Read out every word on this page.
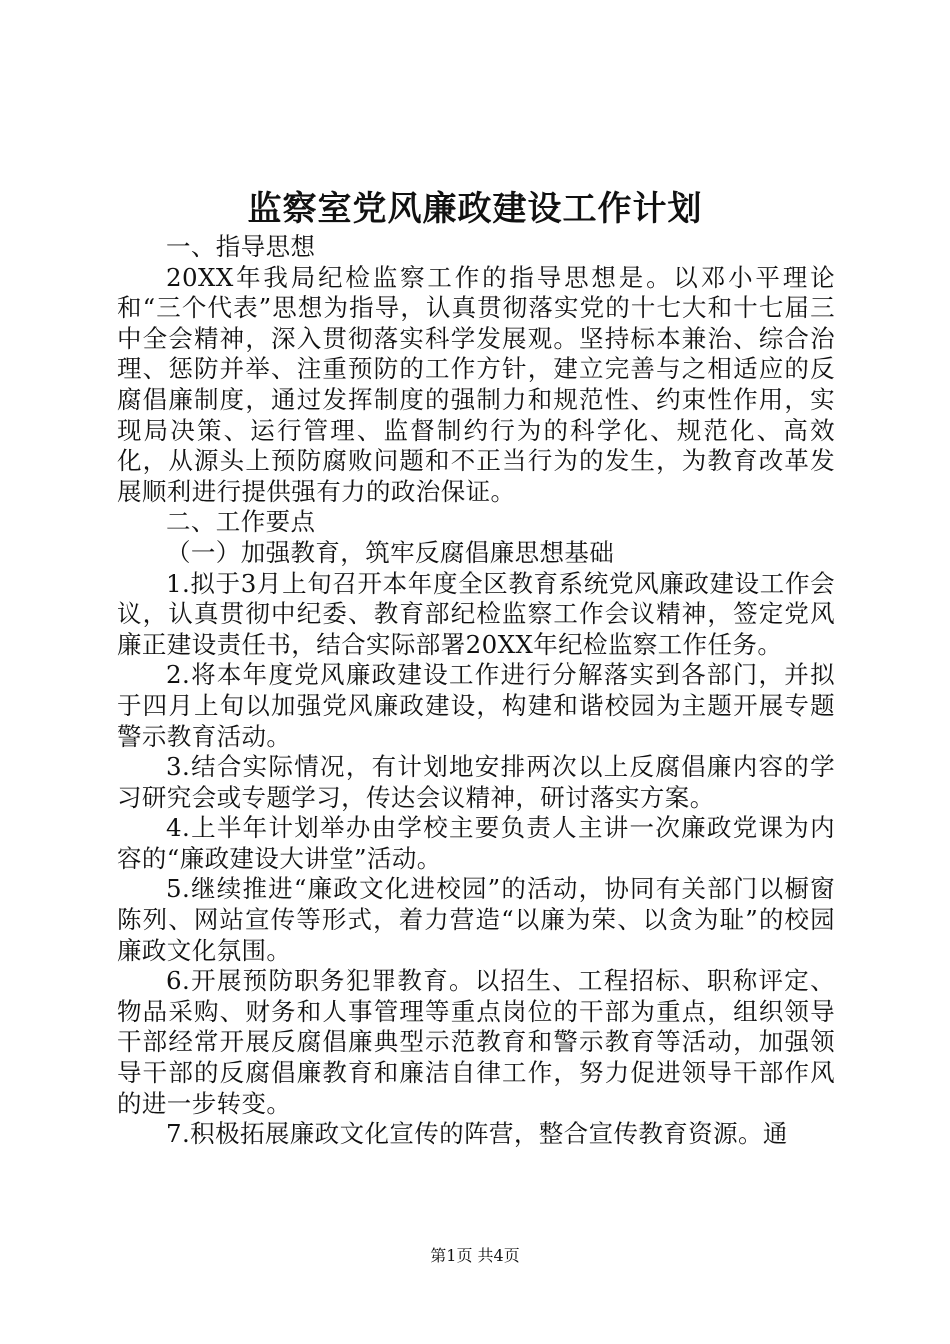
监察室党风廉政建设工作计划

一、指导思想

20XX年我局纪检监察工作的指导思想是。以邓小平理论和“三个代表”思想为指导，认真贯彻落实党的十七大和十七届三中全会精神，深入贯彻落实科学发展观。坚持标本兼治、综合治理、惩防并举、注重预防的工作方针，建立完善与之相适应的反腐倡廉制度，通过发挥制度的强制力和规范性、约束性作用，实现局决策、运行管理、监督制约行为的科学化、规范化、高效化，从源头上预防腐败问题和不正当行为的发生，为教育改革发展顺利进行提供强有力的政治保证。

二、工作要点

（一）加强教育，筑牢反腐倡廉思想基础

1.拟于3月上旬召开本年度全区教育系统党风廉政建设工作会议，认真贯彻中纪委、教育部纪检监察工作会议精神，签定党风廉正建设责任书，结合实际部署20XX年纪检监察工作任务。

2.将本年度党风廉政建设工作进行分解落实到各部门，并拟于四月上旬以加强党风廉政建设，构建和谐校园为主题开展专题警示教育活动。

3.结合实际情况，有计划地安排两次以上反腐倡廉内容的学习研究会或专题学习，传达会议精神，研讨落实方案。

4.上半年计划举办由学校主要负责人主讲一次廉政党课为内容的“廉政建设大讲堂”活动。

5.继续推进“廉政文化进校园”的活动，协同有关部门以橱窗陈列、网站宣传等形式，着力营造“以廉为荣、以贪为耻”的校园廉政文化氛围。

6.开展预防职务犯罪教育。以招生、工程招标、职称评定、物品采购、财务和人事管理等重点岗位的干部为重点，组织领导干部经常开展反腐倡廉典型示范教育和警示教育等活动，加强领导干部的反腐倡廉教育和廉洁自律工作，努力促进领导干部作风的进一步转变。

7.积极拓展廉政文化宣传的阵营，整合宣传教育资源。通

第1页 共4页
